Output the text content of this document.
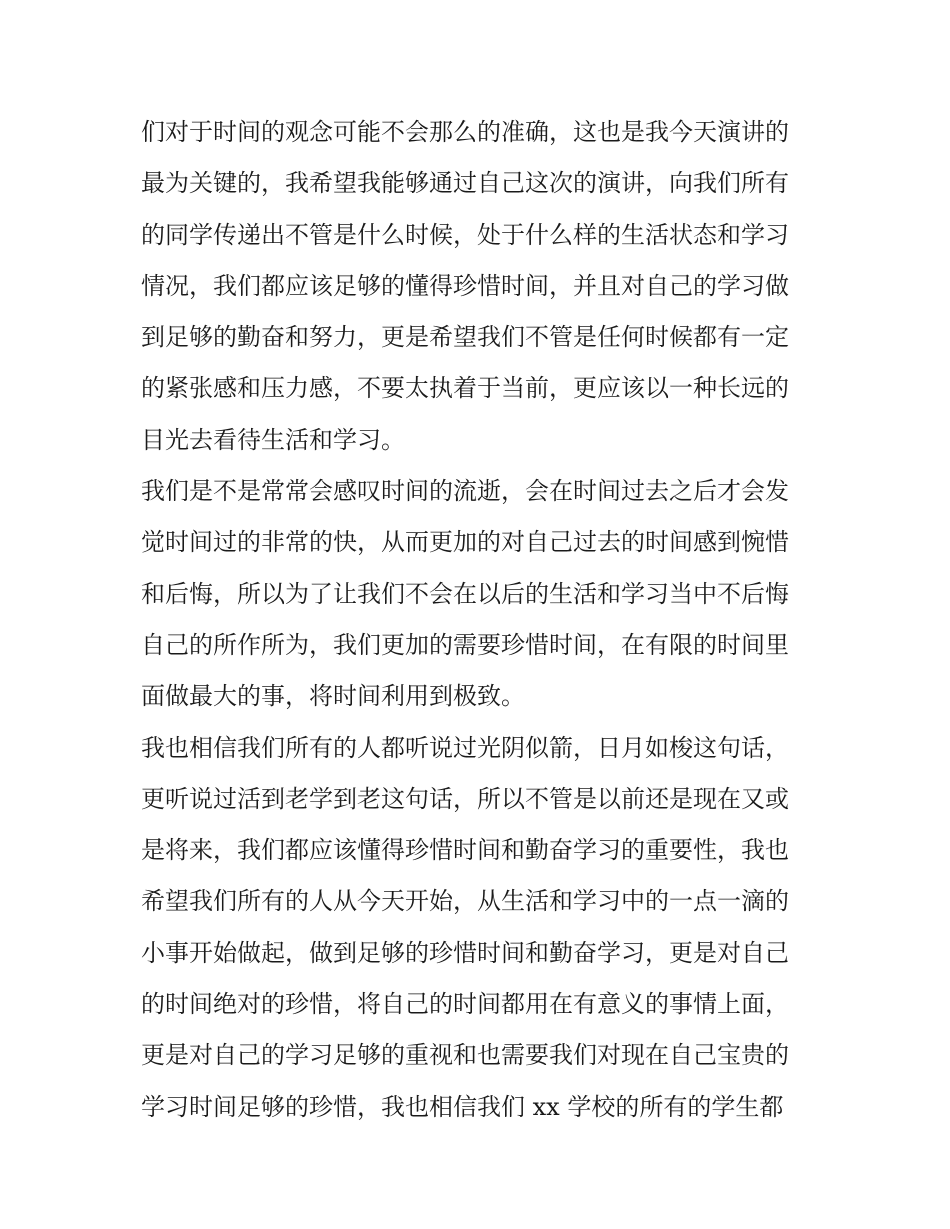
们对于时间的观念可能不会那么的准确，这也是我今天演讲的
最为关键的，我希望我能够通过自己这次的演讲，向我们所有
的同学传递出不管是什么时候，处于什么样的生活状态和学习
情况，我们都应该足够的懂得珍惜时间，并且对自己的学习做
到足够的勤奋和努力，更是希望我们不管是任何时候都有一定
的紧张感和压力感，不要太执着于当前，更应该以一种长远的
目光去看待生活和学习。
我们是不是常常会感叹时间的流逝，会在时间过去之后才会发
觉时间过的非常的快，从而更加的对自己过去的时间感到惋惜
和后悔，所以为了让我们不会在以后的生活和学习当中不后悔
自己的所作所为，我们更加的需要珍惜时间，在有限的时间里
面做最大的事，将时间利用到极致。
我也相信我们所有的人都听说过光阴似箭，日月如梭这句话，
更听说过活到老学到老这句话，所以不管是以前还是现在又或
是将来，我们都应该懂得珍惜时间和勤奋学习的重要性，我也
希望我们所有的人从今天开始，从生活和学习中的一点一滴的
小事开始做起，做到足够的珍惜时间和勤奋学习，更是对自己
的时间绝对的珍惜，将自己的时间都用在有意义的事情上面，
更是对自己的学习足够的重视和也需要我们对现在自己宝贵的
学习时间足够的珍惜，我也相信我们 xx 学校的所有的学生都
